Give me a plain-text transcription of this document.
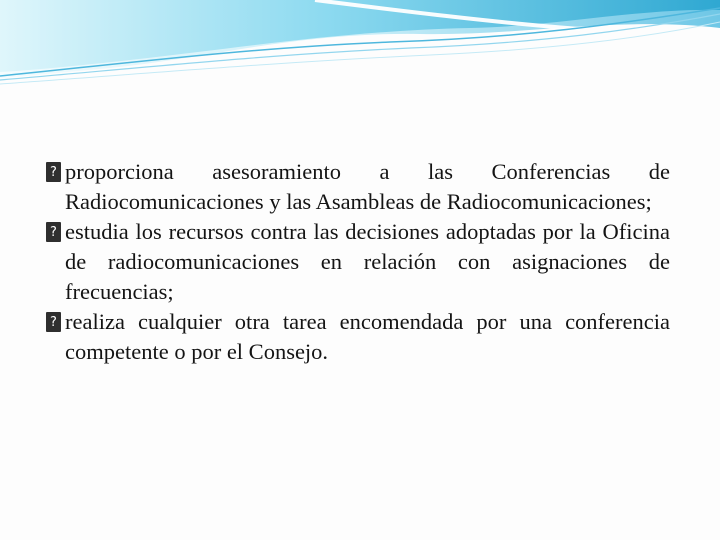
? proporciona asesoramiento a las Conferencias de Radiocomunicaciones y las Asambleas de Radiocomunicaciones;
? estudia los recursos contra las decisiones adoptadas por la Oficina de radiocomunicaciones en relación con asignaciones de frecuencias;
? realiza cualquier otra tarea encomendada por una conferencia competente o por el Consejo.
